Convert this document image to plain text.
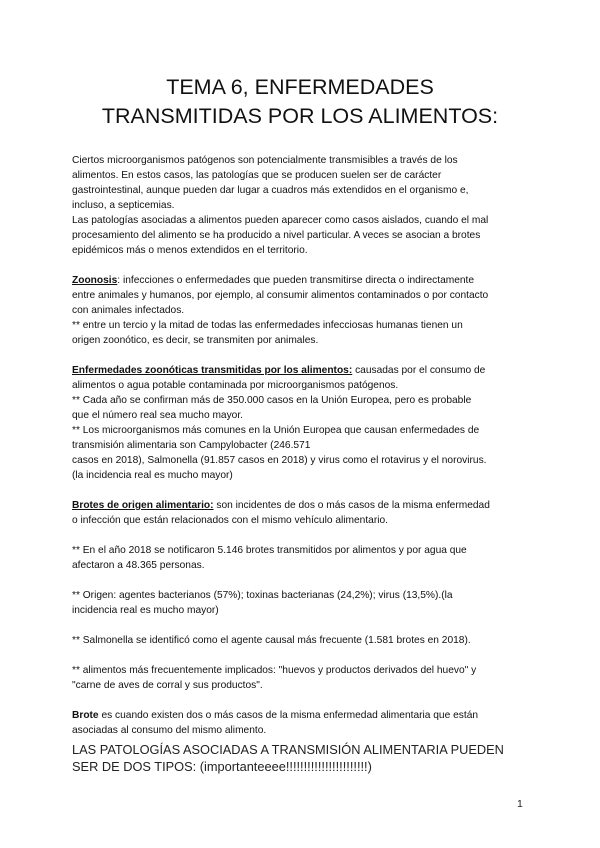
TEMA 6, ENFERMEDADES
TRANSMITIDAS POR LOS ALIMENTOS:

Ciertos microorganismos patógenos son potencialmente transmisibles a través de los

alimentos. En estos casos, las patologías que se producen suelen ser de carácter

gastrointestinal, aunque pueden dar lugar a cuadros más extendidos en el organismo e,

incluso, a septicemias.

Las patologías asociadas a alimentos pueden aparecer como casos aislados, cuando el mal

procesamiento del alimento se ha producido a nivel particular. A veces se asocian a brotes

epidémicos más o menos extendidos en el territorio.

Zoonosis: infecciones o enfermedades que pueden transmitirse directa o indirectamente

entre animales y humanos, por ejemplo, al consumir alimentos contaminados o por contacto

con animales infectados.

** entre un tercio y la mitad de todas las enfermedades infecciosas humanas tienen un

origen zoonótico, es decir, se transmiten por animales.

Enfermedades zoonóticas transmitidas por los alimentos: causadas por el consumo de

alimentos o agua potable contaminada por microorganismos patógenos.

** Cada año se confirman más de 350.000 casos en la Unión Europea, pero es probable

que el número real sea mucho mayor.

** Los microorganismos más comunes en la Unión Europea que causan enfermedades de

transmisión alimentaria son Campylobacter (246.571

casos en 2018), Salmonella (91.857 casos en 2018) y virus como el rotavirus y el norovirus.

(la incidencia real es mucho mayor)

Brotes de origen alimentario: son incidentes de dos o más casos de la misma enfermedad

o infección que están relacionados con el mismo vehículo alimentario.

** En el año 2018 se notificaron 5.146 brotes transmitidos por alimentos y por agua que

afectaron a 48.365 personas.

** Origen: agentes bacterianos (57%); toxinas bacterianas (24,2%); virus (13,5%).(la

incidencia real es mucho mayor)

** Salmonella se identificó como el agente causal más frecuente (1.581 brotes en 2018).

** alimentos más frecuentemente implicados: "huevos y productos derivados del huevo" y

"carne de aves de corral y sus productos".

Brote es cuando existen dos o más casos de la misma enfermedad alimentaria que están

asociadas al consumo del mismo alimento.

LAS PATOLOGÍAS ASOCIADAS A TRANSMISIÓN ALIMENTARIA PUEDEN

SER DE DOS TIPOS: (importanteeee!!!!!!!!!!!!!!!!!!!!!!!)

1
